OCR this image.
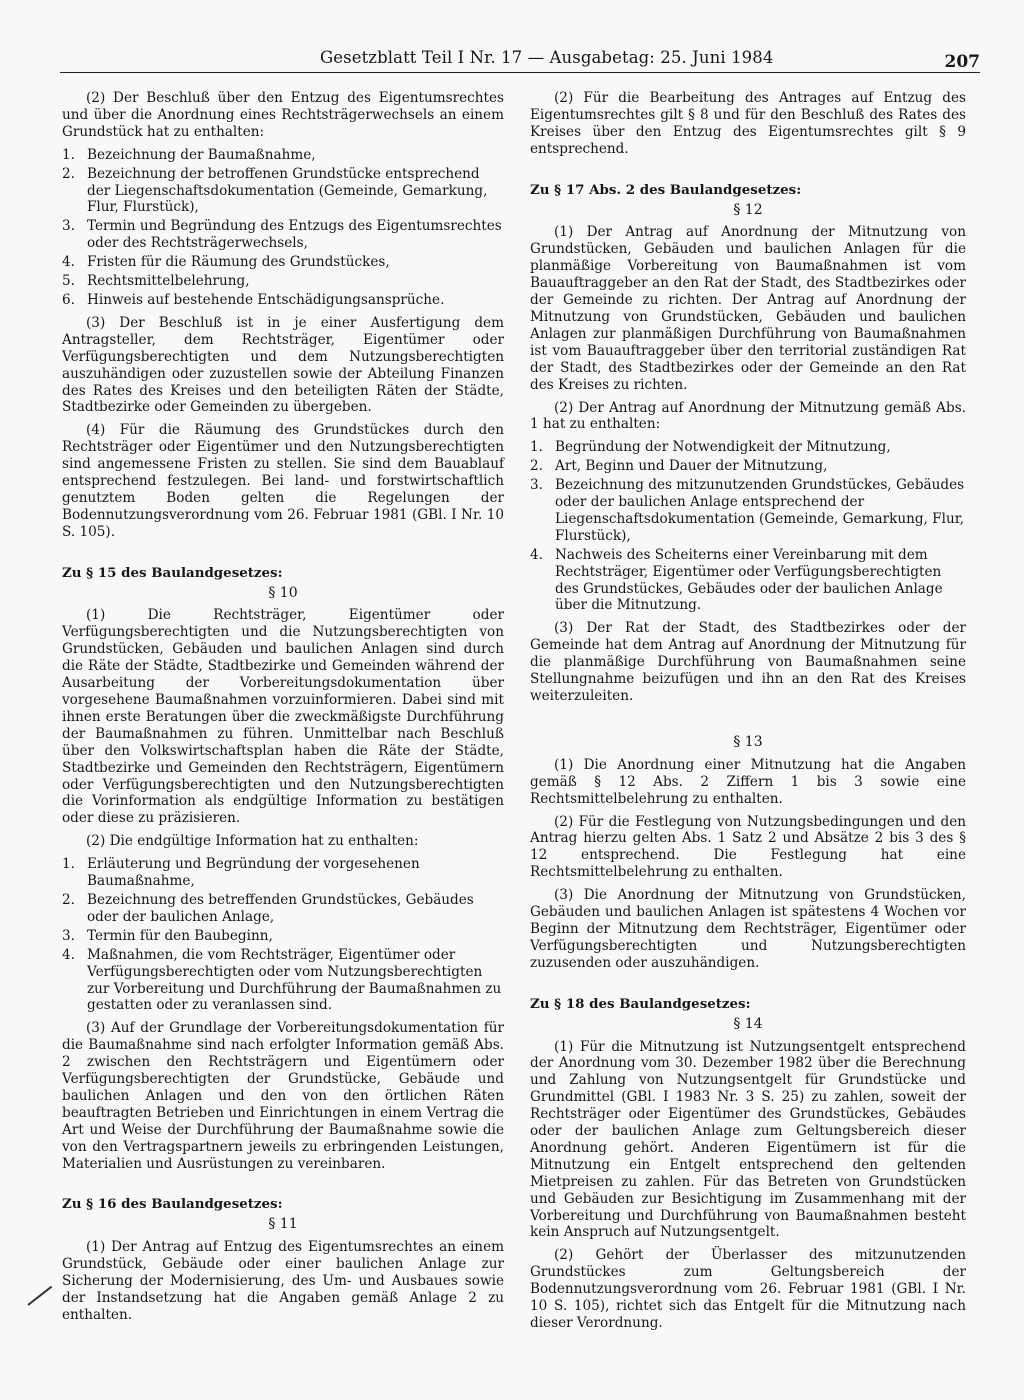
Gesetzblatt Teil I Nr. 17 — Ausgabetag: 25. Juni 1984	207

(2) Der Beschluß über den Entzug des Eigentumsrechtes und über die Anordnung eines Rechtsträgerwechsels an einem Grundstück hat zu enthalten:

1. Bezeichnung der Baumaßnahme,
2. Bezeichnung der betroffenen Grundstücke entsprechend der Liegenschaftsdokumentation (Gemeinde, Gemarkung, Flur, Flurstück),
3. Termin und Begründung des Entzugs des Eigentumsrechtes oder des Rechtsträgerwechsels,
4. Fristen für die Räumung des Grundstückes,
5. Rechtsmittelbelehrung,
6. Hinweis auf bestehende Entschädigungsansprüche.

(3) Der Beschluß ist in je einer Ausfertigung dem Antragsteller, dem Rechtsträger, Eigentümer oder Verfügungsberechtigten und dem Nutzungsberechtigten auszuhändigen oder zuzustellen sowie der Abteilung Finanzen des Rates des Kreises und den beteiligten Räten der Städte, Stadtbezirke oder Gemeinden zu übergeben.

(4) Für die Räumung des Grundstückes durch den Rechtsträger oder Eigentümer und den Nutzungsberechtigten sind angemessene Fristen zu stellen. Sie sind dem Bauablauf entsprechend festzulegen. Bei land- und forstwirtschaftlich genutztem Boden gelten die Regelungen der Bodennutzungsverordnung vom 26. Februar 1981 (GBl. I Nr. 10 S. 105).

Zu § 15 des Baulandgesetzes:

§ 10

(1) Die Rechtsträger, Eigentümer oder Verfügungsberechtigten und die Nutzungsberechtigten von Grundstücken, Gebäuden und baulichen Anlagen sind durch die Räte der Städte, Stadtbezirke und Gemeinden während der Ausarbeitung der Vorbereitungsdokumentation über vorgesehene Baumaßnahmen vorzuinformieren. Dabei sind mit ihnen erste Beratungen über die zweckmäßigste Durchführung der Baumaßnahmen zu führen. Unmittelbar nach Beschluß über den Volkswirtschaftsplan haben die Räte der Städte, Stadtbezirke und Gemeinden den Rechtsträgern, Eigentümern oder Verfügungsberechtigten und den Nutzungsberechtigten die Vorinformation als endgültige Information zu bestätigen oder diese zu präzisieren.

(2) Die endgültige Information hat zu enthalten:

1. Erläuterung und Begründung der vorgesehenen Baumaßnahme,
2. Bezeichnung des betreffenden Grundstückes, Gebäudes oder der baulichen Anlage,
3. Termin für den Baubeginn,
4. Maßnahmen, die vom Rechtsträger, Eigentümer oder Verfügungsberechtigten oder vom Nutzungsberechtigten zur Vorbereitung und Durchführung der Baumaßnahmen zu gestatten oder zu veranlassen sind.

(3) Auf der Grundlage der Vorbereitungsdokumentation für die Baumaßnahme sind nach erfolgter Information gemäß Abs. 2 zwischen den Rechtsträgern und Eigentümern oder Verfügungsberechtigten der Grundstücke, Gebäude und baulichen Anlagen und den von den örtlichen Räten beauftragten Betrieben und Einrichtungen in einem Vertrag die Art und Weise der Durchführung der Baumaßnahme sowie die von den Vertragspartnern jeweils zu erbringenden Leistungen, Materialien und Ausrüstungen zu vereinbaren.

Zu § 16 des Baulandgesetzes:

§ 11

(1) Der Antrag auf Entzug des Eigentumsrechtes an einem Grundstück, Gebäude oder einer baulichen Anlage zur Sicherung der Modernisierung, des Um- und Ausbaues sowie der Instandsetzung hat die Angaben gemäß Anlage 2 zu enthalten.

(2) Für die Bearbeitung des Antrages auf Entzug des Eigentumsrechtes gilt § 8 und für den Beschluß des Rates des Kreises über den Entzug des Eigentumsrechtes gilt § 9 entsprechend.

Zu § 17 Abs. 2 des Baulandgesetzes:

§ 12

(1) Der Antrag auf Anordnung der Mitnutzung von Grundstücken, Gebäuden und baulichen Anlagen für die planmäßige Vorbereitung von Baumaßnahmen ist vom Bauauftraggeber an den Rat der Stadt, des Stadtbezirkes oder der Gemeinde zu richten. Der Antrag auf Anordnung der Mitnutzung von Grundstücken, Gebäuden und baulichen Anlagen zur planmäßigen Durchführung von Baumaßnahmen ist vom Bauauftraggeber über den territorial zuständigen Rat der Stadt, des Stadtbezirkes oder der Gemeinde an den Rat des Kreises zu richten.

(2) Der Antrag auf Anordnung der Mitnutzung gemäß Abs. 1 hat zu enthalten:

1. Begründung der Notwendigkeit der Mitnutzung,
2. Art, Beginn und Dauer der Mitnutzung,
3. Bezeichnung des mitzunutzenden Grundstückes, Gebäudes oder der baulichen Anlage entsprechend der Liegenschaftsdokumentation (Gemeinde, Gemarkung, Flur, Flurstück),
4. Nachweis des Scheiterns einer Vereinbarung mit dem Rechtsträger, Eigentümer oder Verfügungsberechtigten des Grundstückes, Gebäudes oder der baulichen Anlage über die Mitnutzung.

(3) Der Rat der Stadt, des Stadtbezirkes oder der Gemeinde hat dem Antrag auf Anordnung der Mitnutzung für die planmäßige Durchführung von Baumaßnahmen seine Stellungnahme beizufügen und ihn an den Rat des Kreises weiterzuleiten.

§ 13

(1) Die Anordnung einer Mitnutzung hat die Angaben gemäß § 12 Abs. 2 Ziffern 1 bis 3 sowie eine Rechtsmittelbelehrung zu enthalten.

(2) Für die Festlegung von Nutzungsbedingungen und den Antrag hierzu gelten Abs. 1 Satz 2 und Absätze 2 bis 3 des § 12 entsprechend. Die Festlegung hat eine Rechtsmittelbelehrung zu enthalten.

(3) Die Anordnung der Mitnutzung von Grundstücken, Gebäuden und baulichen Anlagen ist spätestens 4 Wochen vor Beginn der Mitnutzung dem Rechtsträger, Eigentümer oder Verfügungsberechtigten und Nutzungsberechtigten zuzusenden oder auszuhändigen.

Zu § 18 des Baulandgesetzes:

§ 14

(1) Für die Mitnutzung ist Nutzungsentgelt entsprechend der Anordnung vom 30. Dezember 1982 über die Berechnung und Zahlung von Nutzungsentgelt für Grundstücke und Grundmittel (GBl. I 1983 Nr. 3 S. 25) zu zahlen, soweit der Rechtsträger oder Eigentümer des Grundstückes, Gebäudes oder der baulichen Anlage zum Geltungsbereich dieser Anordnung gehört. Anderen Eigentümern ist für die Mitnutzung ein Entgelt entsprechend den geltenden Mietpreisen zu zahlen. Für das Betreten von Grundstücken und Gebäuden zur Besichtigung im Zusammenhang mit der Vorbereitung und Durchführung von Baumaßnahmen besteht kein Anspruch auf Nutzungsentgelt.

(2) Gehört der Überlasser des mitzunutzenden Grundstückes zum Geltungsbereich der Bodennutzungsverordnung vom 26. Februar 1981 (GBl. I Nr. 10 S. 105), richtet sich das Entgelt für die Mitnutzung nach dieser Verordnung.
